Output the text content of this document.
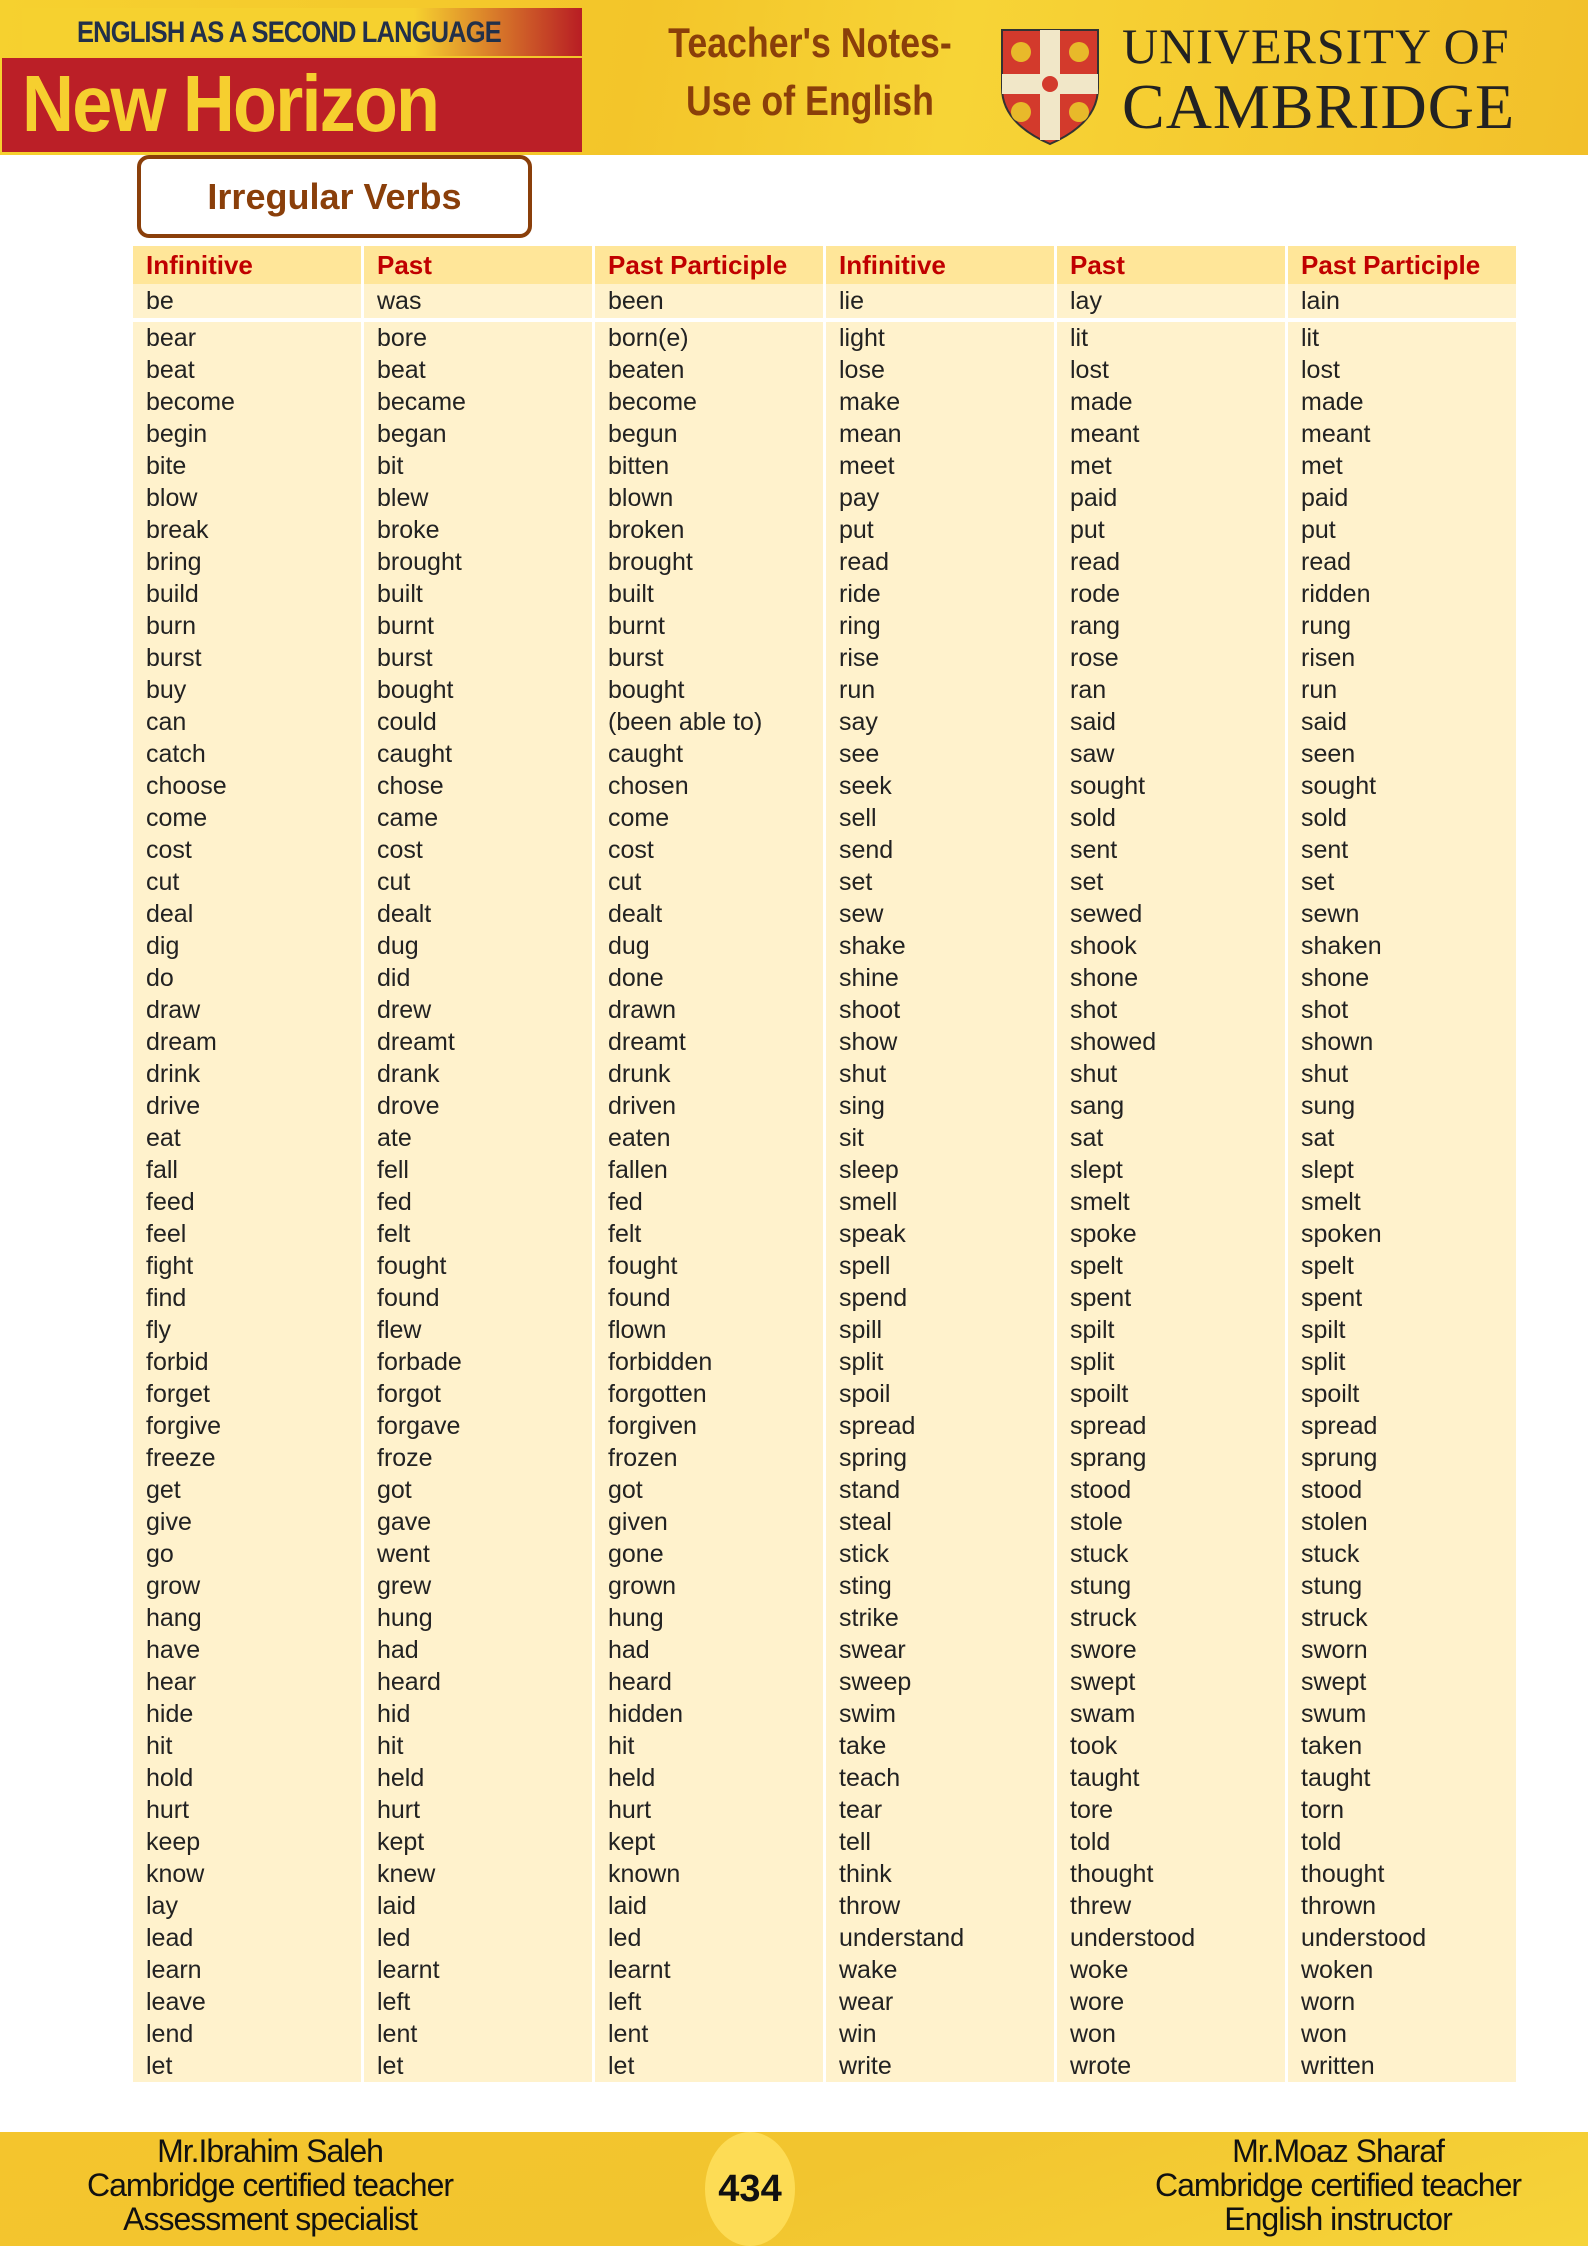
ENGLISH AS A SECOND LANGUAGE
New Horizon
Teacher's Notes-
Use of English
UNIVERSITY OF
CAMBRIDGE
Irregular Verbs
Infinitive	Past	Past Participle	Infinitive	Past	Past Participle
be	was	been	lie	lay	lain
bear	bore	born(e)	light	lit	lit
beat	beat	beaten	lose	lost	lost
become	became	become	make	made	made
begin	began	begun	mean	meant	meant
bite	bit	bitten	meet	met	met
blow	blew	blown	pay	paid	paid
break	broke	broken	put	put	put
bring	brought	brought	read	read	read
build	built	built	ride	rode	ridden
burn	burnt	burnt	ring	rang	rung
burst	burst	burst	rise	rose	risen
buy	bought	bought	run	ran	run
can	could	(been able to)	say	said	said
catch	caught	caught	see	saw	seen
choose	chose	chosen	seek	sought	sought
come	came	come	sell	sold	sold
cost	cost	cost	send	sent	sent
cut	cut	cut	set	set	set
deal	dealt	dealt	sew	sewed	sewn
dig	dug	dug	shake	shook	shaken
do	did	done	shine	shone	shone
draw	drew	drawn	shoot	shot	shot
dream	dreamt	dreamt	show	showed	shown
drink	drank	drunk	shut	shut	shut
drive	drove	driven	sing	sang	sung
eat	ate	eaten	sit	sat	sat
fall	fell	fallen	sleep	slept	slept
feed	fed	fed	smell	smelt	smelt
feel	felt	felt	speak	spoke	spoken
fight	fought	fought	spell	spelt	spelt
find	found	found	spend	spent	spent
fly	flew	flown	spill	spilt	spilt
forbid	forbade	forbidden	split	split	split
forget	forgot	forgotten	spoil	spoilt	spoilt
forgive	forgave	forgiven	spread	spread	spread
freeze	froze	frozen	spring	sprang	sprung
get	got	got	stand	stood	stood
give	gave	given	steal	stole	stolen
go	went	gone	stick	stuck	stuck
grow	grew	grown	sting	stung	stung
hang	hung	hung	strike	struck	struck
have	had	had	swear	swore	sworn
hear	heard	heard	sweep	swept	swept
hide	hid	hidden	swim	swam	swum
hit	hit	hit	take	took	taken
hold	held	held	teach	taught	taught
hurt	hurt	hurt	tear	tore	torn
keep	kept	kept	tell	told	told
know	knew	known	think	thought	thought
lay	laid	laid	throw	threw	thrown
lead	led	led	understand	understood	understood
learn	learnt	learnt	wake	woke	woken
leave	left	left	wear	wore	worn
lend	lent	lent	win	won	won
let	let	let	write	wrote	written
Mr.Ibrahim Saleh
Cambridge certified teacher
Assessment specialist
434
Mr.Moaz Sharaf
Cambridge certified teacher
English instructor
